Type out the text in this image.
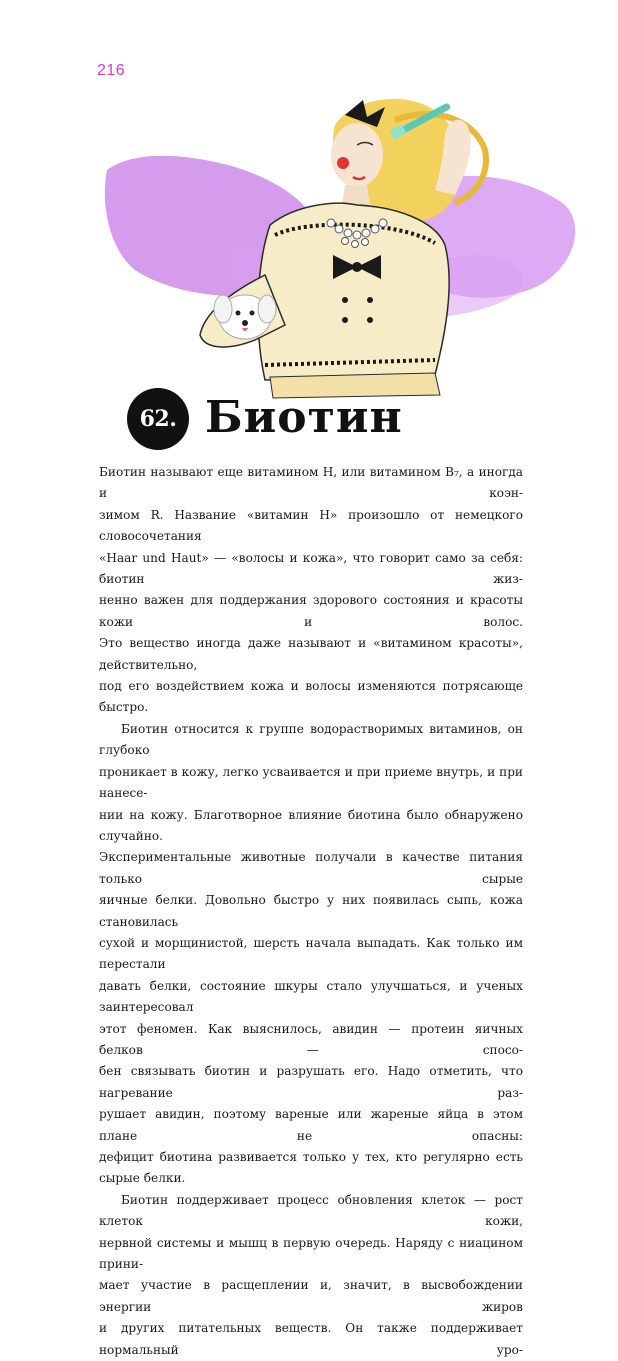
216
62. Биотин

Биотин называют еще витамином H, или витамином B₇, а иногда и коэн-

зимом R. Название «витамин H» произошло от немецкого словосочетания

«Haar und Haut» — «волосы и кожа», что говорит само за себя: биотин жиз-

ненно важен для поддержания здорового состояния и красоты кожи и волос.

Это вещество иногда даже называют и «витамином красоты», действительно,

под его воздействием кожа и волосы изменяются потрясающе быстро.

Биотин относится к группе водорастворимых витаминов, он глубоко

проникает в кожу, легко усваивается и при приеме внутрь, и при нанесе-

нии на кожу. Благотворное влияние биотина было обнаружено случайно.

Экспериментальные животные получали в качестве питания только сырые

яичные белки. Довольно быстро у них появилась сыпь, кожа становилась

сухой и морщинистой, шерсть начала выпадать. Как только им перестали

давать белки, состояние шкуры стало улучшаться, и ученых заинтересовал

этот феномен. Как выяснилось, авидин — протеин яичных белков — спосо-

бен связывать биотин и разрушать его. Надо отметить, что нагревание раз-

рушает авидин, поэтому вареные или жареные яйца в этом плане не опасны:

дефицит биотина развивается только у тех, кто регулярно есть сырые белки.

Биотин поддерживает процесс обновления клеток — рост клеток кожи,

нервной системы и мышц в первую очередь. Наряду с ниацином прини-

мает участие в расщеплении и, значит, в высвобождении энергии жиров

и других питательных веществ. Он также поддерживает нормальный уро-
